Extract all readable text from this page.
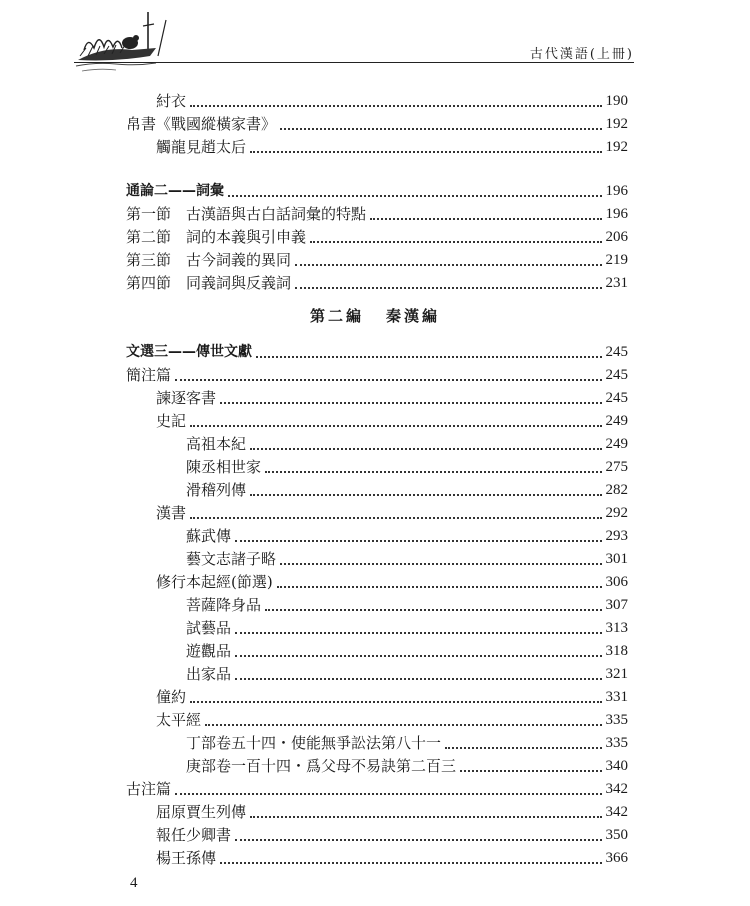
古代漢語(上冊)
紂衣	190
帛書《戰國縱橫家書》	192
觸龍見趙太后	192
通論二——詞彙	196
第一節　古漢語與古白話詞彙的特點	196
第二節　詞的本義與引申義	206
第三節　古今詞義的異同	219
第四節　同義詞與反義詞	231
第二編 秦漢編
文選三——傳世文獻	245
簡注篇	245
諫逐客書	245
史記	249
高祖本紀	249
陳丞相世家	275
滑稽列傳	282
漢書	292
蘇武傳	293
藝文志諸子略	301
修行本起經(節選)	306
菩薩降身品	307
試藝品	313
遊觀品	318
出家品	321
僮約	331
太平經	335
丁部卷五十四・使能無爭訟法第八十一	335
庚部卷一百十四・爲父母不易訣第二百三	340
古注篇	342
屈原賈生列傳	342
報任少卿書	350
楊王孫傳	366
4
